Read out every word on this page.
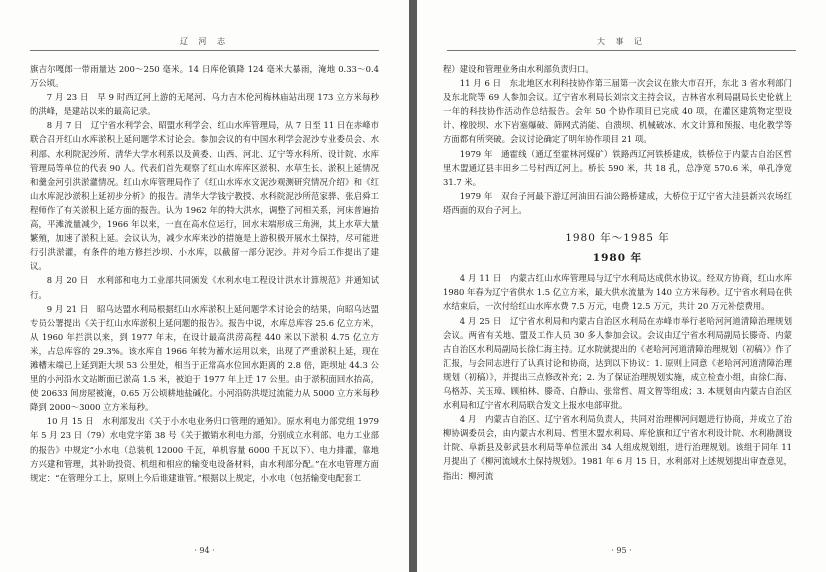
辽 河 志

旗吉尔嘎郎一带雨量达 200～250 毫米。14 日库伦镇降 124 毫米大暴雨，淹地 0.33～0.4 万公顷。

7 月 23 日　早 9 时西辽河上游的无尾河、乌力吉木伦河梅林庙站出现 173 立方米每秒的洪峰，是建站以来的最高记录。

8 月 7 日　辽宁省水利学会、昭盟水利学会、红山水库管理局，从 7 日至 11 日在赤峰市联合召开红山水库淤积上延问题学术讨论会。参加会议的有中国水利学会泥沙专业委员会、水利部、水利院泥沙所、清华大学水利系以及黄委、山西、河北、辽宁等水科所、设计院、水库管理局等单位的代表 90 人。代表们首先观察了红山水库库区淤积、水草生长、淤积上延情况和羹金河引洪淤灌情况。红山水库管理局作了《红山水库水文泥沙观测研究情况介绍》和《红山水库泥沙淤积上延初步分析》的报告。清华大学钱宁教授、水科院泥沙所范家骅、张启舜工程师作了有关淤积上延方面的报告。认为 1962 年的特大洪水，调整了河相关系，河床普遍抬高，平滩流量减少，1966 年以来，一直在高水位运行，回水末端形成三角洲，其上水草大量繁殖，加速了淤积上延。会议认为，减少水库来沙的措施是上游积极开展水土保持，尽可能进行引洪淤灌，有条件的地方修拦沙坝、小水库，以截留一部分泥沙。并对今后工作提出了建议。

8 月 20 日　水利部和电力工业部共同颁发《水利水电工程设计洪水计算规范》并通知试行。

9 月 21 日　昭乌达盟水利局根据红山水库淤积上延问题学术讨论会的结果，向昭乌达盟专员公署提出《关于红山水库淤积上延问题的报告》。报告中说，水库总库容 25.6 亿立方米，从 1960 年拦洪以来，到 1977 年末，在设计最高洪涝高程 440 米以下淤积 4.75 亿立方米，占总库容的 29.3%。该水库自 1966 年转为蓄水运用以来，出现了严重淤积上延，现在滩槽末端已上延到距大坝 53 公里处，相当于正常高水位回水距离的 2.8 倍，距坝址 44.3 公里的小河沿水文站断面已淤高 1.5 米，被迫于 1977 年上迁 17 公里。由于淤积面回水抬高，使 20633 间房屋被淹，0.65 万公顷耕地盐碱化。小河沿防洪堤过流能力从 5000 立方米每秒降到 2000～3000 立方米每秒。

10 月 15 日　水利部发出《关于小水电业务归口管理的通知》。原水利电力部党组 1979 年 5 月 23 日（79）水电党字第 38 号《关于撤销水利电力部，分别成立水利部、电力工业部的报告》中规定“小水电（总装机 12000 千瓦，单机容量 6000 千瓦以下）、电力排灌，靠地方兴建和管理，其补助投资、机组和相应的输变电设备材料，由水利部分配。”在水电管理方面规定：“在管理分工上，原则上今后谁建谁管。”根据以上规定，小水电（包括输变电配套工

· 94 ·
大 事 记

程）建设和管理业务由水利部负责归口。

11 月 6 日　东北地区水利科技协作第三届第一次会议在旅大市召开，东北 3 省水利部门及东北院等 69 人参加会议。辽宁省水利局长刘宗文主持会议，吉林省水利局副局长史伦就上一年的科技协作活动作总结报告。会年 50 个协作项目已完成 40 项，在灌区建筑物定型设计、橡胶坝、水下岩塞爆破、筛网式消能、自溃坝、机械破冰、水文计算和预报、电化教学等方面都有所突破。会议讨论确定了明年协作项目 21 项。

1979 年　通霍线（通辽至霍林河煤矿）铁路西辽河铁桥建成，铁桥位于内蒙古自治区哲里木盟通辽县丰田乡二号村西辽河上。桥长 590 米，共 18 孔，总净宽 570.6 米，单孔净宽 31.7 米。

1979 年　双台子河最下游辽河油田石油公路桥建成，大桥位于辽宁省大洼县新兴农场红塔西面的双台子河上。

1980 年～1985 年
1980 年

4 月 11 日　内蒙古红山水库管理局与辽宁水利局达成供水协议。经双方协商，红山水库 1980 年春为辽宁省供水 1.5 亿立方米，最大供水流量为 140 立方米每秒。辽宁省水利局在供水结束后，一次付给红山水库水费 7.5 万元，电费 12.5 万元，共计 20 万元补偿费用。

4 月 25 日　辽宁省水利局和内蒙古自治区水利局在赤峰市举行老哈河河道清障治理规划会议。两省有关地、盟及工作人员 30 多人参加会议。会议由辽宁省水利局副局长滕奇、内蒙古自治区水利局副局长徐仁海主持。辽水院就提出的《老哈河河道清障治理规划（初稿）》作了汇报，与会同志进行了认真讨论和协商，达到以下协议：1. 原则上同意《老哈河河道清障治理规划（初稿）》，并提出三点修改补充；2. 为了保证治理规划实施，成立检查小组，由徐仁海、乌格苏、关玉璋、顾柏林、滕奇、白静山、张常哲、周文智等组成；3. 本规划由内蒙古自治区水利局和辽宁省水利局联合发文上报水电部审批。

4 月　内蒙古自治区、辽宁省水利局负责人，共同对治理柳河问题进行协商，并成立了治柳协调委员会，由内蒙古水利局、哲里木盟水利局、库伦旗和辽宁省水利设计院、水利勘测设计院、阜新县及彰武县水利局等单位派出 34 人组成规划组，进行治理规划。该组于同年 11 月提出了《柳河流域水土保持规划》。1981 年 6 月 15 日，水利部对上述规划提出审查意见，指出：柳河流

· 95 ·
